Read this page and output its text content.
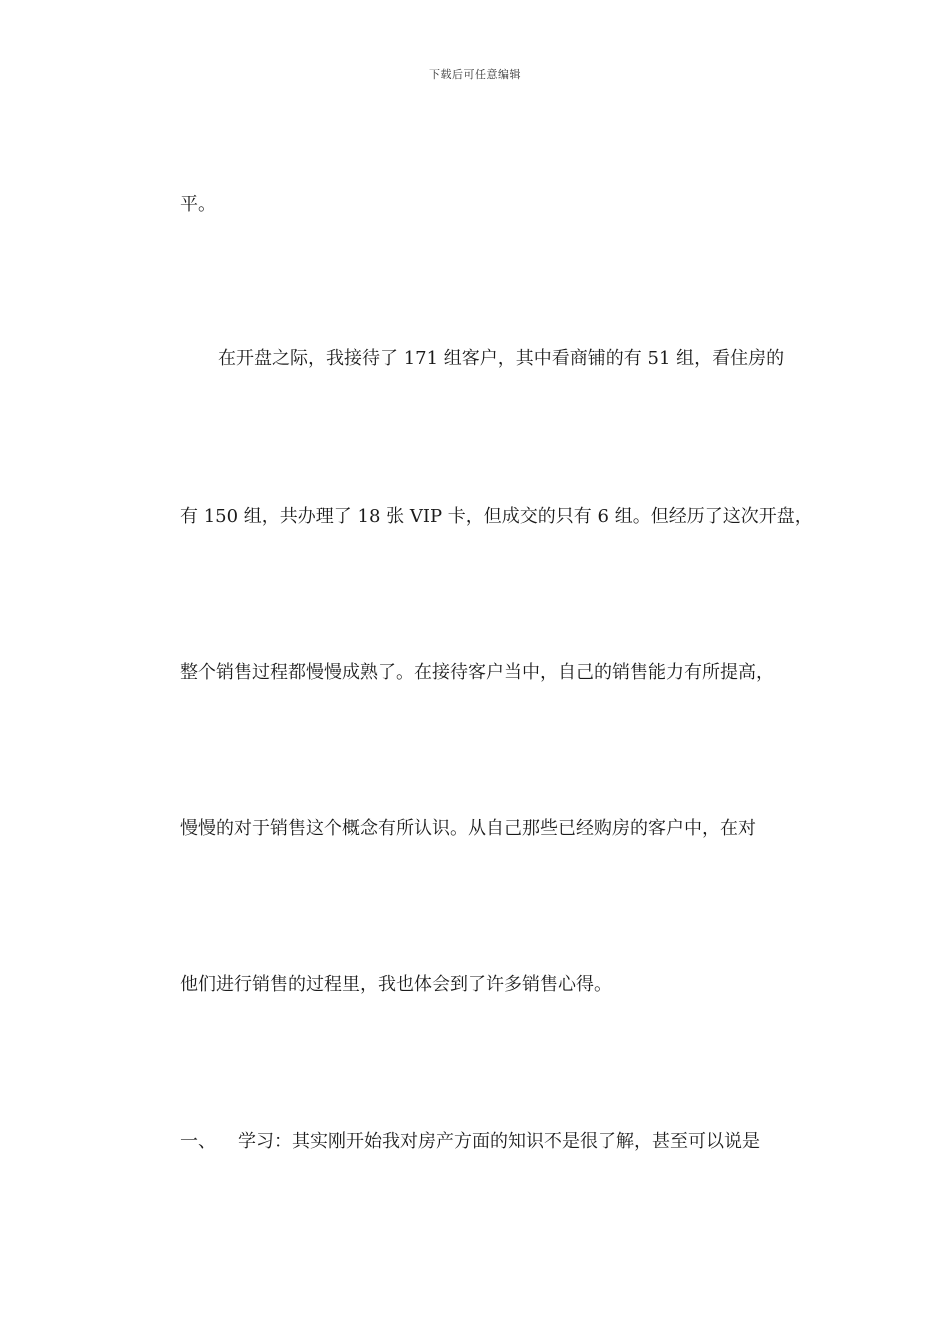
下载后可任意编辑
平。
在开盘之际，我接待了 171 组客户，其中看商铺的有 51 组，看住房的
有 150 组，共办理了 18 张 VIP 卡，但成交的只有 6 组。但经历了这次开盘，
整个销售过程都慢慢成熟了。在接待客户当中，自己的销售能力有所提高，
慢慢的对于销售这个概念有所认识。从自己那些已经购房的客户中，在对
他们进行销售的过程里，我也体会到了许多销售心得。
一、 学习：其实刚开始我对房产方面的知识不是很了解，甚至可以说是
